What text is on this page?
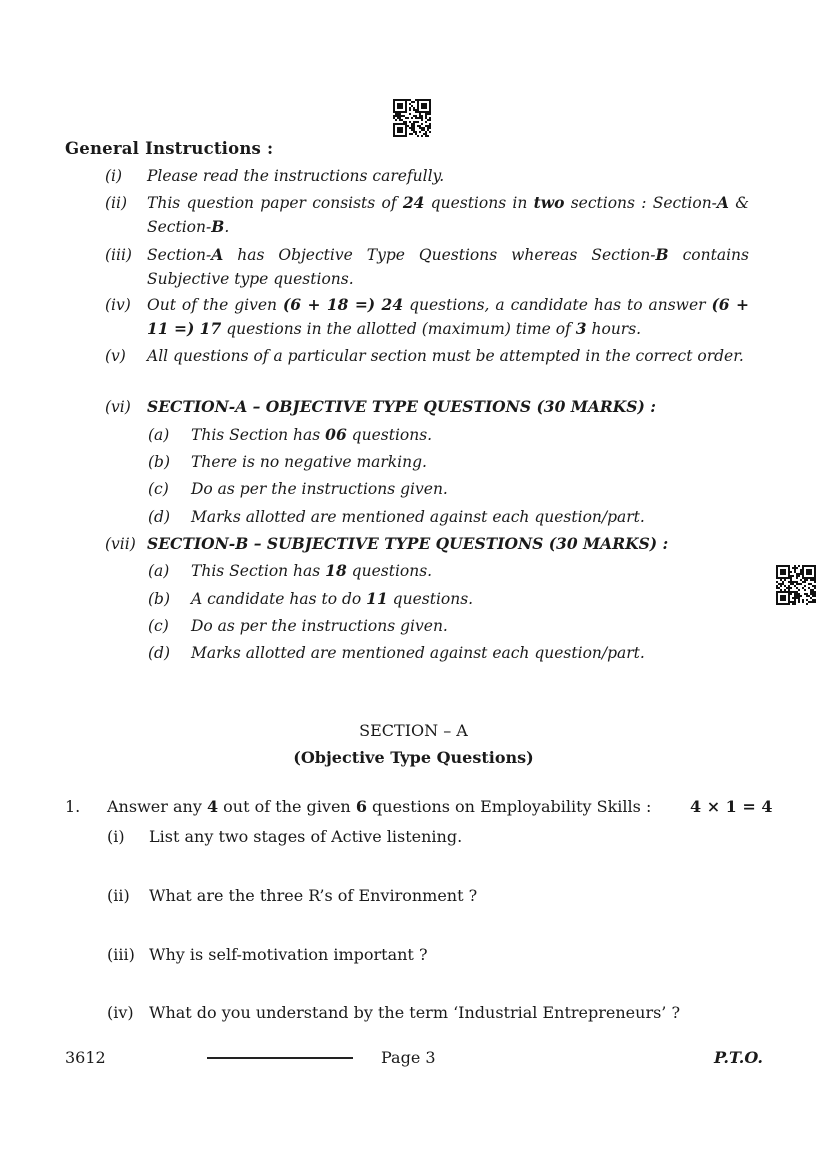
General Instructions :
(i) Please read the instructions carefully.
(ii) This question paper consists of 24 questions in two sections : Section-A & Section-B.
(iii) Section-A has Objective Type Questions whereas Section-B contains Subjective type questions.
(iv) Out of the given (6 + 18 =) 24 questions, a candidate has to answer (6 + 11 =) 17 questions in the allotted (maximum) time of 3 hours.
(v) All questions of a particular section must be attempted in the correct order.
(vi) SECTION-A – OBJECTIVE TYPE QUESTIONS (30 MARKS) :
(a) This Section has 06 questions.
(b) There is no negative marking.
(c) Do as per the instructions given.
(d) Marks allotted are mentioned against each question/part.
(vii) SECTION-B – SUBJECTIVE TYPE QUESTIONS (30 MARKS) :
(a) This Section has 18 questions.
(b) A candidate has to do 11 questions.
(c) Do as per the instructions given.
(d) Marks allotted are mentioned against each question/part.
SECTION – A
(Objective Type Questions)
1. Answer any 4 out of the given 6 questions on Employability Skills : 4 × 1 = 4
(i) List any two stages of Active listening.
(ii) What are the three R’s of Environment ?
(iii) Why is self-motivation important ?
(iv) What do you understand by the term ‘Industrial Entrepreneurs’ ?
3612	Page 3	P.T.O.
